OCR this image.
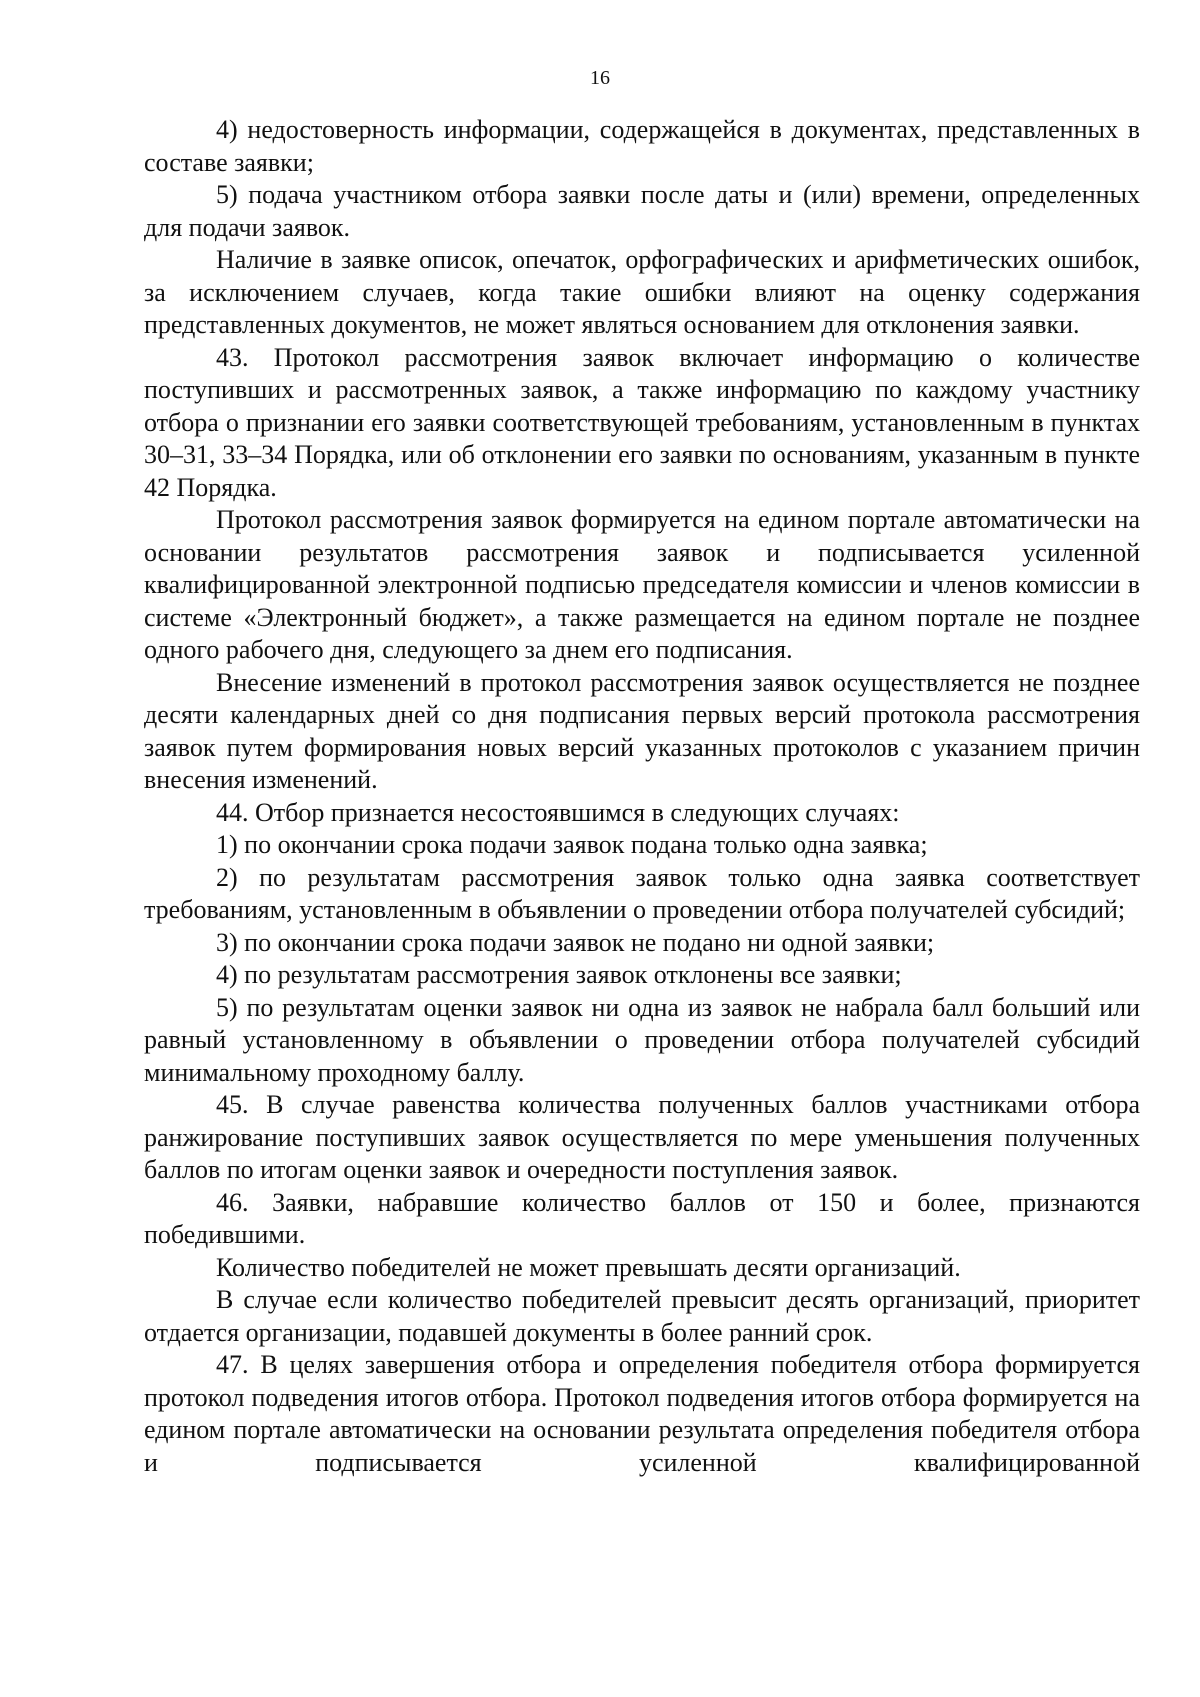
16

4) недостоверность информации, содержащейся в документах, представленных в составе заявки;

5) подача участником отбора заявки после даты и (или) времени, определенных для подачи заявок.

Наличие в заявке описок, опечаток, орфографических и арифметических ошибок, за исключением случаев, когда такие ошибки влияют на оценку содержания представленных документов, не может являться основанием для отклонения заявки.

43. Протокол рассмотрения заявок включает информацию о количестве поступивших и рассмотренных заявок, а также информацию по каждому участнику отбора о признании его заявки соответствующей требованиям, установленным в пунктах 30–31, 33–34 Порядка, или об отклонении его заявки по основаниям, указанным в пункте 42 Порядка.

Протокол рассмотрения заявок формируется на едином портале автоматически на основании результатов рассмотрения заявок и подписывается усиленной квалифицированной электронной подписью председателя комиссии и членов комиссии в системе «Электронный бюджет», а также размещается на едином портале не позднее одного рабочего дня, следующего за днем его подписания.

Внесение изменений в протокол рассмотрения заявок осуществляется не позднее десяти календарных дней со дня подписания первых версий протокола рассмотрения заявок путем формирования новых версий указанных протоколов с указанием причин внесения изменений.

44. Отбор признается несостоявшимся в следующих случаях:

1) по окончании срока подачи заявок подана только одна заявка;

2) по результатам рассмотрения заявок только одна заявка соответствует требованиям, установленным в объявлении о проведении отбора получателей субсидий;

3) по окончании срока подачи заявок не подано ни одной заявки;

4) по результатам рассмотрения заявок отклонены все заявки;

5) по результатам оценки заявок ни одна из заявок не набрала балл больший или равный установленному в объявлении о проведении отбора получателей субсидий минимальному проходному баллу.

45. В случае равенства количества полученных баллов участниками отбора ранжирование поступивших заявок осуществляется по мере уменьшения полученных баллов по итогам оценки заявок и очередности поступления заявок.

46. Заявки, набравшие количество баллов от 150 и более, признаются победившими.

Количество победителей не может превышать десяти организаций.

В случае если количество победителей превысит десять организаций, приоритет отдается организации, подавшей документы в более ранний срок.

47. В целях завершения отбора и определения победителя отбора формируется протокол подведения итогов отбора. Протокол подведения итогов отбора формируется на едином портале автоматически на основании результата определения победителя отбора и подписывается усиленной квалифицированной
